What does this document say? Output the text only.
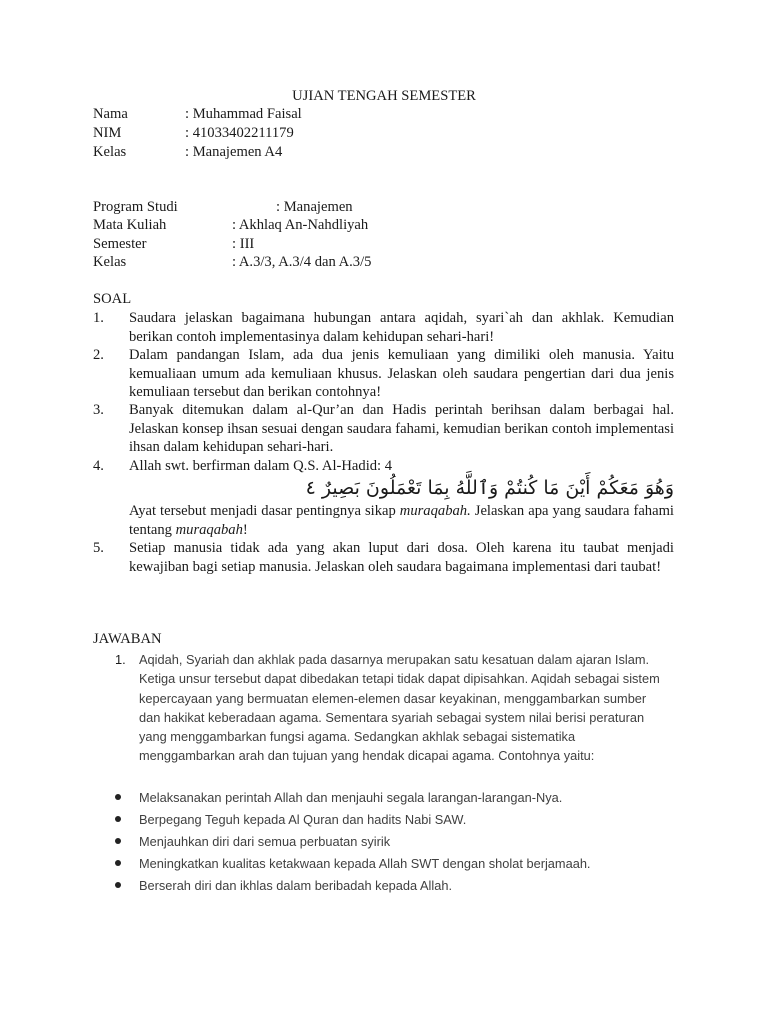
UJIAN TENGAH SEMESTER
Nama	: Muhammad Faisal
NIM	: 41033402211179
Kelas	: Manajemen A4
Program Studi	: Manajemen
Mata Kuliah	: Akhlaq An-Nahdliyah
Semester	: III
Kelas	: A.3/3, A.3/4 dan A.3/5
SOAL
1. Saudara jelaskan bagaimana hubungan antara aqidah, syari`ah dan akhlak. Kemudian berikan contoh implementasinya dalam kehidupan sehari-hari!
2. Dalam pandangan Islam, ada dua jenis kemuliaan yang dimiliki oleh manusia. Yaitu kemualiaan umum ada kemuliaan khusus. Jelaskan oleh saudara pengertian dari dua jenis kemuliaan tersebut dan berikan contohnya!
3. Banyak ditemukan dalam al-Qur’an dan Hadis perintah berihsan dalam berbagai hal. Jelaskan konsep ihsan sesuai dengan saudara fahami, kemudian berikan contoh implementasi ihsan dalam kehidupan sehari-hari.
4. Allah swt. berfirman dalam Q.S. Al-Hadid: 4
وَهُوَ مَعَكُمْ أَيْنَ مَا كُنتُمْ وَٱللَّهُ بِمَا تَعْمَلُونَ بَصِيرٌ ٤
Ayat tersebut menjadi dasar pentingnya sikap muraqabah. Jelaskan apa yang saudara fahami tentang muraqabah!
5. Setiap manusia tidak ada yang akan luput dari dosa. Oleh karena itu taubat menjadi kewajiban bagi setiap manusia. Jelaskan oleh saudara bagaimana implementasi dari taubat!
JAWABAN
1. Aqidah, Syariah dan akhlak pada dasarnya merupakan satu kesatuan dalam ajaran Islam. Ketiga unsur tersebut dapat dibedakan tetapi tidak dapat dipisahkan. Aqidah sebagai sistem kepercayaan yang bermuatan elemen-elemen dasar keyakinan, menggambarkan sumber dan hakikat keberadaan agama. Sementara syariah sebagai system nilai berisi peraturan yang menggambarkan fungsi agama. Sedangkan akhlak sebagai sistematika menggambarkan arah dan tujuan yang hendak dicapai agama. Contohnya yaitu:
Melaksanakan perintah Allah dan menjauhi segala larangan-larangan-Nya.
Berpegang Teguh kepada Al Quran dan hadits Nabi SAW.
Menjauhkan diri dari semua perbuatan syirik
Meningkatkan kualitas ketakwaan kepada Allah SWT dengan sholat berjamaah.
Berserah diri dan ikhlas dalam beribadah kepada Allah.
